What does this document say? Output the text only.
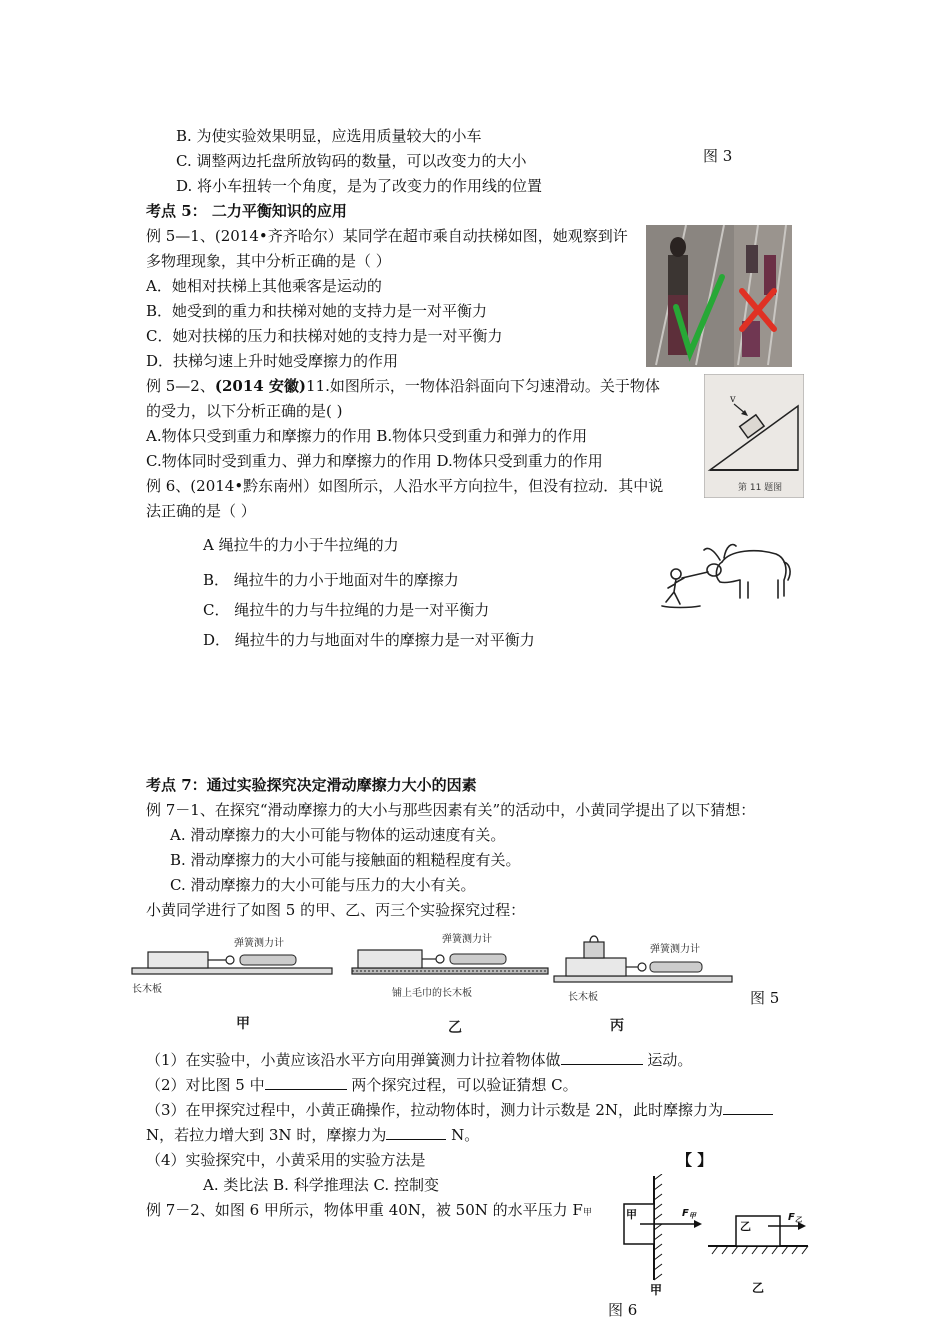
B. 为使实验效果明显，应选用质量较大的小车
C. 调整两边托盘所放钩码的数量，可以改变力的大小
D. 将小车扭转一个角度，是为了改变力的作用线的位置
图 3
考点 5： 二力平衡知识的应用
例 5—1、(2014•齐齐哈尔）某同学在超市乘自动扶梯如图，她观察到许
多物理现象，其中分析正确的是（ ）
A．她相对扶梯上其他乘客是运动的
B．她受到的重力和扶梯对她的支持力是一对平衡力
C．她对扶梯的压力和扶梯对她的支持力是一对平衡力
D．扶梯匀速上升时她受摩擦力的作用
例 5—2、(2014 安徽)11.如图所示，一物体沿斜面向下匀速滑动。关于物体
的受力，以下分析正确的是( )
A.物体只受到重力和摩擦力的作用 B.物体只受到重力和弹力的作用
C.物体同时受到重力、弹力和摩擦力的作用 D.物体只受到重力的作用
v
第 11 题图
例 6、(2014•黔东南州）如图所示，人沿水平方向拉牛，但没有拉动．其中说
法正确的是（ ）
A 绳拉牛的力小于牛拉绳的力
B． 绳拉牛的力小于地面对牛的摩擦力
C． 绳拉牛的力与牛拉绳的力是一对平衡力
D． 绳拉牛的力与地面对牛的摩擦力是一对平衡力
考点 7：通过实验探究决定滑动摩擦力大小的因素
例 7－1、在探究“滑动摩擦力的大小与那些因素有关”的活动中，小黄同学提出了以下猜想：
A. 滑动摩擦力的大小可能与物体的运动速度有关。
B. 滑动摩擦力的大小可能与接触面的粗糙程度有关。
C. 滑动摩擦力的大小可能与压力的大小有关。
小黄同学进行了如图 5 的甲、乙、丙三个实验探究过程：
弹簧测力计
长木板
甲
弹簧测力计
铺上毛巾的长木板
乙
弹簧测力计
长木板
丙
图 5
（1）在实验中，小黄应该沿水平方向用弹簧测力计拉着物体做	运动。
（2）对比图 5 中	两个探究过程，可以验证猜想 C。
（3）在甲探究过程中，小黄正确操作，拉动物体时，测力计示数是 2N，此时摩擦力为
N，若拉力增大到 3N 时，摩擦力为	N。
（4）实验探究中，小黄采用的实验方法是	【 】
A. 类比法 B. 科学推理法 C. 控制变
例 7－2、如图 6 甲所示，物体甲重 40N，被 50N 的水平压力 F甲	甲	$F_甲$
甲
乙
$F_乙$
乙
图 6
